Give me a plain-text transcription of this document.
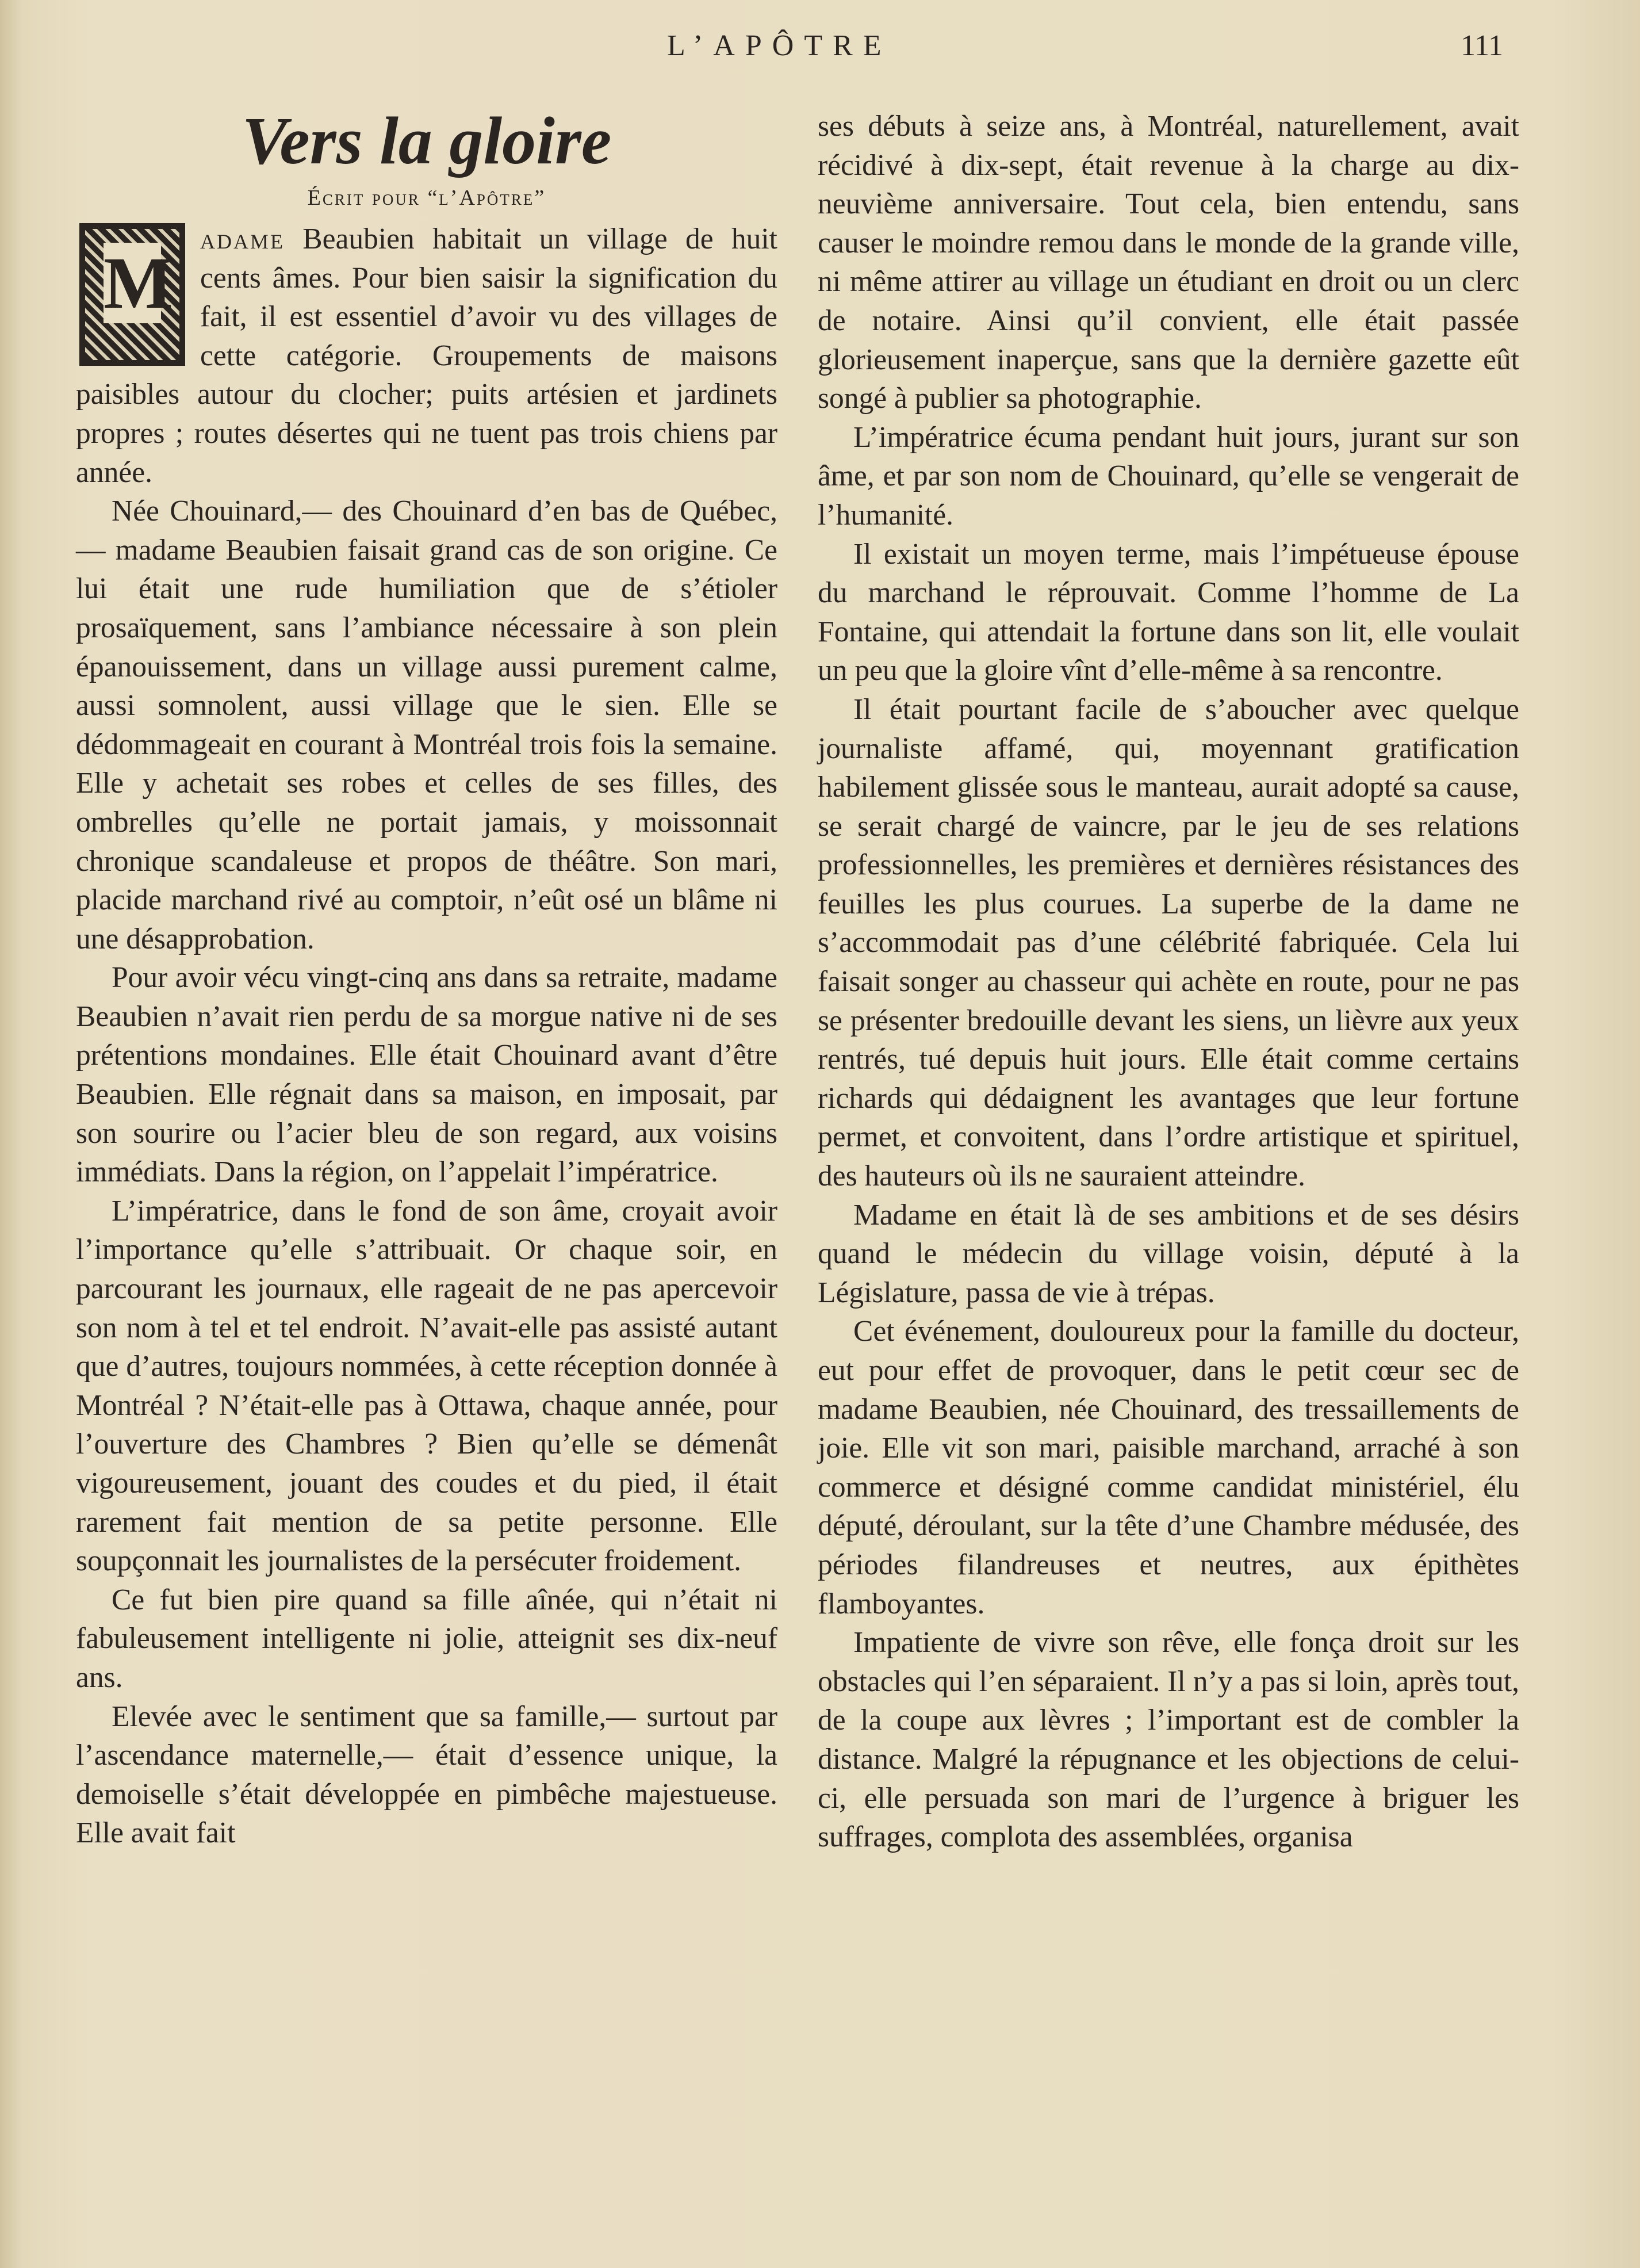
L’APÔTRE	111
Vers la gloire
Écrit pour “l’Apôtre”

M
adame Beaubien habitait un village de huit cents âmes. Pour bien saisir la signification du fait, il est essentiel d’avoir vu des villages de cette catégorie. Groupements de maisons paisibles autour du clocher; puits artésien et jardinets propres ; routes désertes qui ne tuent pas trois chiens par année.

Née Chouinard,— des Chouinard d’en bas de Québec,— madame Beaubien faisait grand cas de son origine. Ce lui était une rude humiliation que de s’étioler prosaïquement, sans l’ambiance nécessaire à son plein épanouissement, dans un village aussi purement calme, aussi somnolent, aussi village que le sien. Elle se dédommageait en courant à Montréal trois fois la semaine. Elle y achetait ses robes et celles de ses filles, des ombrelles qu’elle ne portait jamais, y moissonnait chronique scandaleuse et propos de théâtre. Son mari, placide marchand rivé au comptoir, n’eût osé un blâme ni une désapprobation.

Pour avoir vécu vingt-cinq ans dans sa retraite, madame Beaubien n’avait rien perdu de sa morgue native ni de ses prétentions mondaines. Elle était Chouinard avant d’être Beaubien. Elle régnait dans sa maison, en imposait, par son sourire ou l’acier bleu de son regard, aux voisins immédiats. Dans la région, on l’appelait l’impératrice.

L’impératrice, dans le fond de son âme, croyait avoir l’importance qu’elle s’attribuait. Or chaque soir, en parcourant les journaux, elle rageait de ne pas apercevoir son nom à tel et tel endroit. N’avait-elle pas assisté autant que d’autres, toujours nommées, à cette réception donnée à Montréal ? N’était-elle pas à Ottawa, chaque année, pour l’ouverture des Chambres ? Bien qu’elle se démenât vigoureusement, jouant des coudes et du pied, il était rarement fait mention de sa petite personne. Elle soupçonnait les journalistes de la persécuter froidement.

Ce fut bien pire quand sa fille aînée, qui n’était ni fabuleusement intelligente ni jolie, atteignit ses dix-neuf ans.

Elevée avec le sentiment que sa famille,— surtout par l’ascendance maternelle,— était d’essence unique, la demoiselle s’était développée en pimbêche majestueuse. Elle avait fait

ses débuts à seize ans, à Montréal, naturellement, avait récidivé à dix-sept, était revenue à la charge au dix-neuvième anniversaire. Tout cela, bien entendu, sans causer le moindre remou dans le monde de la grande ville, ni même attirer au village un étudiant en droit ou un clerc de notaire. Ainsi qu’il convient, elle était passée glorieusement inaperçue, sans que la dernière gazette eût songé à publier sa photographie.

L’impératrice écuma pendant huit jours, jurant sur son âme, et par son nom de Chouinard, qu’elle se vengerait de l’humanité.

Il existait un moyen terme, mais l’impétueuse épouse du marchand le réprouvait. Comme l’homme de La Fontaine, qui attendait la fortune dans son lit, elle voulait un peu que la gloire vînt d’elle-même à sa rencontre.

Il était pourtant facile de s’aboucher avec quelque journaliste affamé, qui, moyennant gratification habilement glissée sous le manteau, aurait adopté sa cause, se serait chargé de vaincre, par le jeu de ses relations professionnelles, les premières et dernières résistances des feuilles les plus courues. La superbe de la dame ne s’accommodait pas d’une célébrité fabriquée. Cela lui faisait songer au chasseur qui achète en route, pour ne pas se présenter bredouille devant les siens, un lièvre aux yeux rentrés, tué depuis huit jours. Elle était comme certains richards qui dédaignent les avantages que leur fortune permet, et convoitent, dans l’ordre artistique et spirituel, des hauteurs où ils ne sauraient atteindre.

Madame en était là de ses ambitions et de ses désirs quand le médecin du village voisin, député à la Législature, passa de vie à trépas.

Cet événement, douloureux pour la famille du docteur, eut pour effet de provoquer, dans le petit cœur sec de madame Beaubien, née Chouinard, des tressaillements de joie. Elle vit son mari, paisible marchand, arraché à son commerce et désigné comme candidat ministériel, élu député, déroulant, sur la tête d’une Chambre médusée, des périodes filandreuses et neutres, aux épithètes flamboyantes.

Impatiente de vivre son rêve, elle fonça droit sur les obstacles qui l’en séparaient. Il n’y a pas si loin, après tout, de la coupe aux lèvres ; l’important est de combler la distance. Malgré la répugnance et les objections de celui-ci, elle persuada son mari de l’urgence à briguer les suffrages, complota des assemblées, organisa
